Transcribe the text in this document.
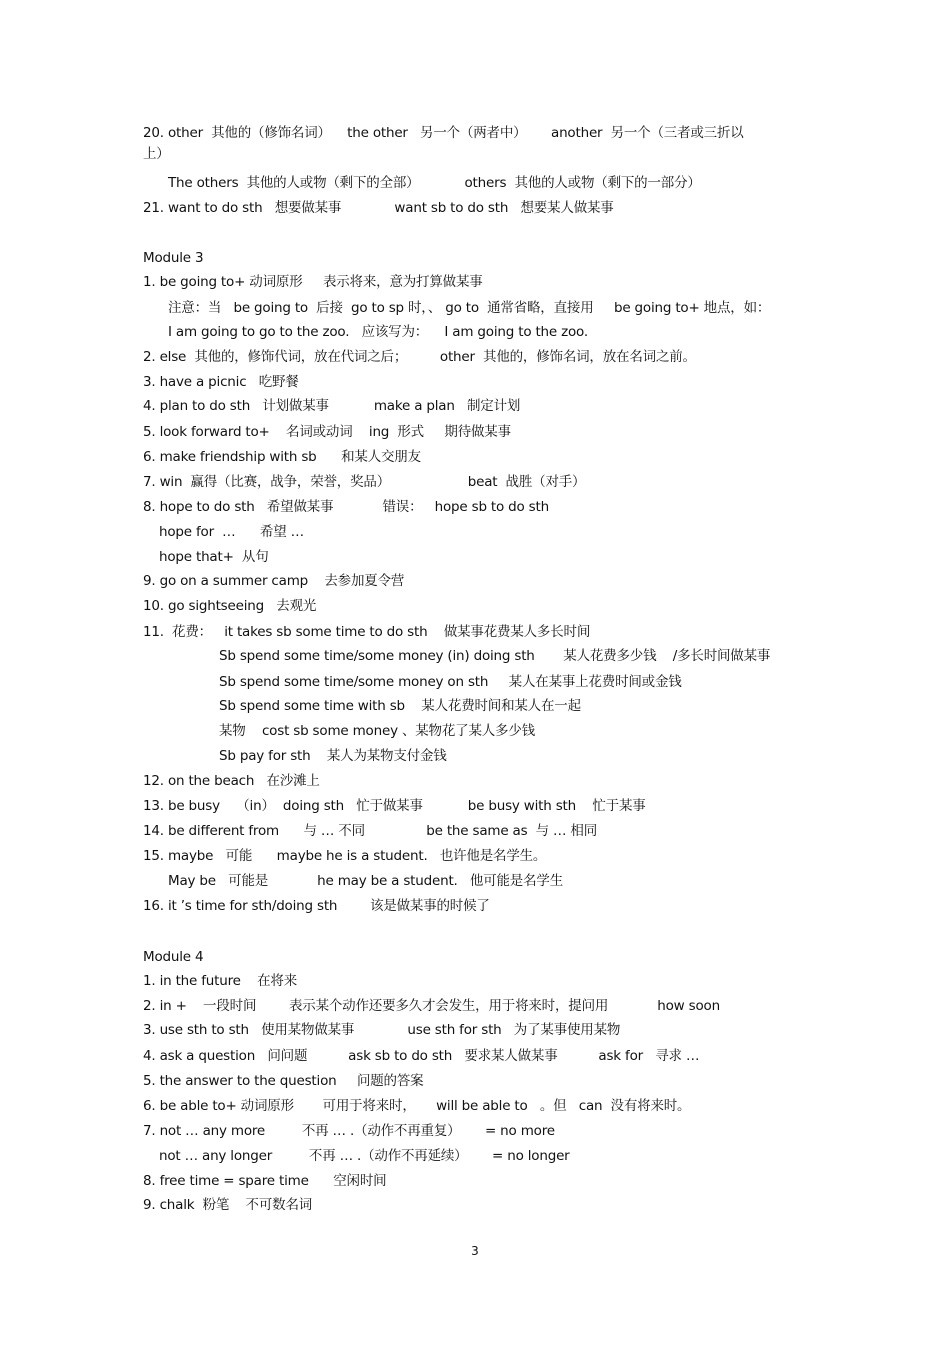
20. other  其他的（修饰名词）    the other   另一个（两者中）      another  另一个（三者或三折以
上）
The others  其他的人或物（剩下的全部）           others  其他的人或物（剩下的一部分）
21. want to do sth   想要做某事             want sb to do sth   想要某人做某事
Module 3
1. be going to+ 动词原形     表示将来，意为打算做某事
注意：当   be going to  后接  go to sp 时，、 go to  通常省略，直接用     be going to+ 地点，如：
I am going to go to the zoo.   应该写为：    I am going to the zoo.
2. else  其他的，修饰代词，放在代词之后；        other  其他的，修饰名词，放在名词之前。
3. have a picnic   吃野餐
4. plan to do sth   计划做某事           make a plan   制定计划
5. look forward to+    名词或动词    ing  形式     期待做某事
6. make friendship with sb      和某人交朋友
7. win  赢得（比赛，战争，荣誉，奖品）                   beat  战胜（对手）
8. hope to do sth   希望做某事            错误：   hope sb to do sth
hope for  …      希望 …
hope that+  从句
9. go on a summer camp    去参加夏令营
10. go sightseeing   去观光
11.  花费：   it takes sb some time to do sth    做某事花费某人多长时间
Sb spend some time/some money (in) doing sth       某人花费多少钱    /多长时间做某事
Sb spend some time/some money on sth     某人在某事上花费时间或金钱
Sb spend some time with sb    某人花费时间和某人在一起
某物    cost sb some money 、某物花了某人多少钱
Sb pay for sth    某人为某物支付金钱
12. on the beach   在沙滩上
13. be busy    （in）  doing sth   忙于做某事           be busy with sth    忙于某事
14. be different from      与 … 不同               be the same as  与 … 相同
15. maybe   可能      maybe he is a student.   也许他是名学生。
May be   可能是            he may be a student.   他可能是名学生
16. it ’s time for sth/doing sth        该是做某事的时候了
Module 4
1. in the future    在将来
2. in +    一段时间        表示某个动作还要多久才会发生，用于将来时，提问用            how soon
3. use sth to sth   使用某物做某事             use sth for sth   为了某事使用某物
4. ask a question   问问题          ask sb to do sth   要求某人做某事          ask for   寻求 …
5. the answer to the question     问题的答案
6. be able to+ 动词原形       可用于将来时，     will be able to   。但   can  没有将来时。
7. not … any more         不再 … .（动作不再重复）      = no more
not … any longer         不再 … .（动作不再延续）      = no longer
8. free time = spare time      空闲时间
9. chalk  粉笔    不可数名词
3
